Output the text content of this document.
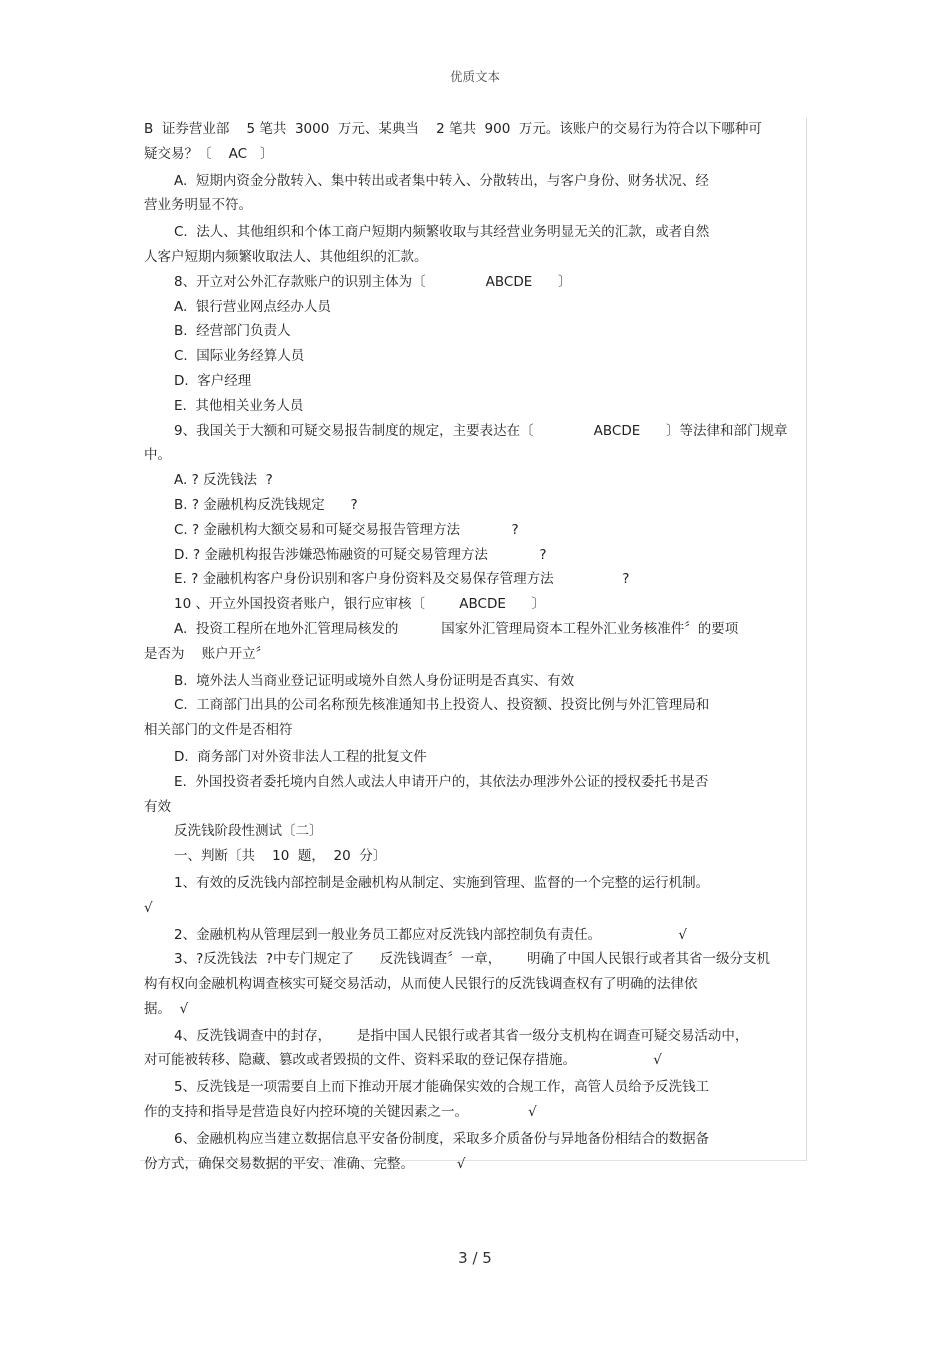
优质文本
B  证券营业部    5 笔共  3000  万元、某典当    2 笔共  900  万元。该账户的交易行为符合以下哪种可
疑交易？〔    AC   〕
A.  短期内资金分散转入、集中转出或者集中转入、分散转出，与客户身份、财务状况、经
营业务明显不符。
C.  法人、其他组织和个体工商户短期内频繁收取与其经营业务明显无关的汇款，或者自然
人客户短期内频繁收取法人、其他组织的汇款。
8、开立对公外汇存款账户的识别主体为〔              ABCDE      〕
A.  银行营业网点经办人员
B.  经营部门负责人
C.  国际业务经算人员
D.  客户经理
E.  其他相关业务人员
9、我国关于大额和可疑交易报告制度的规定，主要表达在〔              ABCDE      〕等法律和部门规章
中。
A. ? 反洗钱法  ?
B. ? 金融机构反洗钱规定      ?
C. ? 金融机构大额交易和可疑交易报告管理方法            ?
D. ? 金融机构报告涉嫌恐怖融资的可疑交易管理方法            ?
E. ? 金融机构客户身份识别和客户身份资料及交易保存管理方法                ?
10 、开立外国投资者账户，银行应审核〔        ABCDE      〕
A.  投资工程所在地外汇管理局核发的          国家外汇管理局资本工程外汇业务核准件〞的要项
是否为    账户开立〞
B.  境外法人当商业登记证明或境外自然人身份证明是否真实、有效
C.  工商部门出具的公司名称预先核准通知书上投资人、投资额、投资比例与外汇管理局和
相关部门的文件是否相符
D.  商务部门对外资非法人工程的批复文件
E.  外国投资者委托境内自然人或法人申请开户的，其依法办理涉外公证的授权委托书是否
有效
反洗钱阶段性测试〔二〕
一、判断〔共    10  题，  20  分〕
1、有效的反洗钱内部控制是金融机构从制定、实施到管理、监督的一个完整的运行机制。
√
2、金融机构从管理层到一般业务员工都应对反洗钱内部控制负有责任。                  √
3、?反洗钱法  ?中专门规定了      反洗钱调查〞一章，      明确了中国人民银行或者其省一级分支机
构有权向金融机构调查核实可疑交易活动，从而使人民银行的反洗钱调查权有了明确的法律依
据。  √
4、反洗钱调查中的封存，      是指中国人民银行或者其省一级分支机构在调查可疑交易活动中，
对可能被转移、隐藏、篡改或者毁损的文件、资料采取的登记保存措施。                  √
5、反洗钱是一项需要自上而下推动开展才能确保实效的合规工作，高管人员给予反洗钱工
作的支持和指导是营造良好内控环境的关键因素之一。              √
6、金融机构应当建立数据信息平安备份制度，采取多介质备份与异地备份相结合的数据备
份方式，确保交易数据的平安、准确、完整。          √
3 / 5
